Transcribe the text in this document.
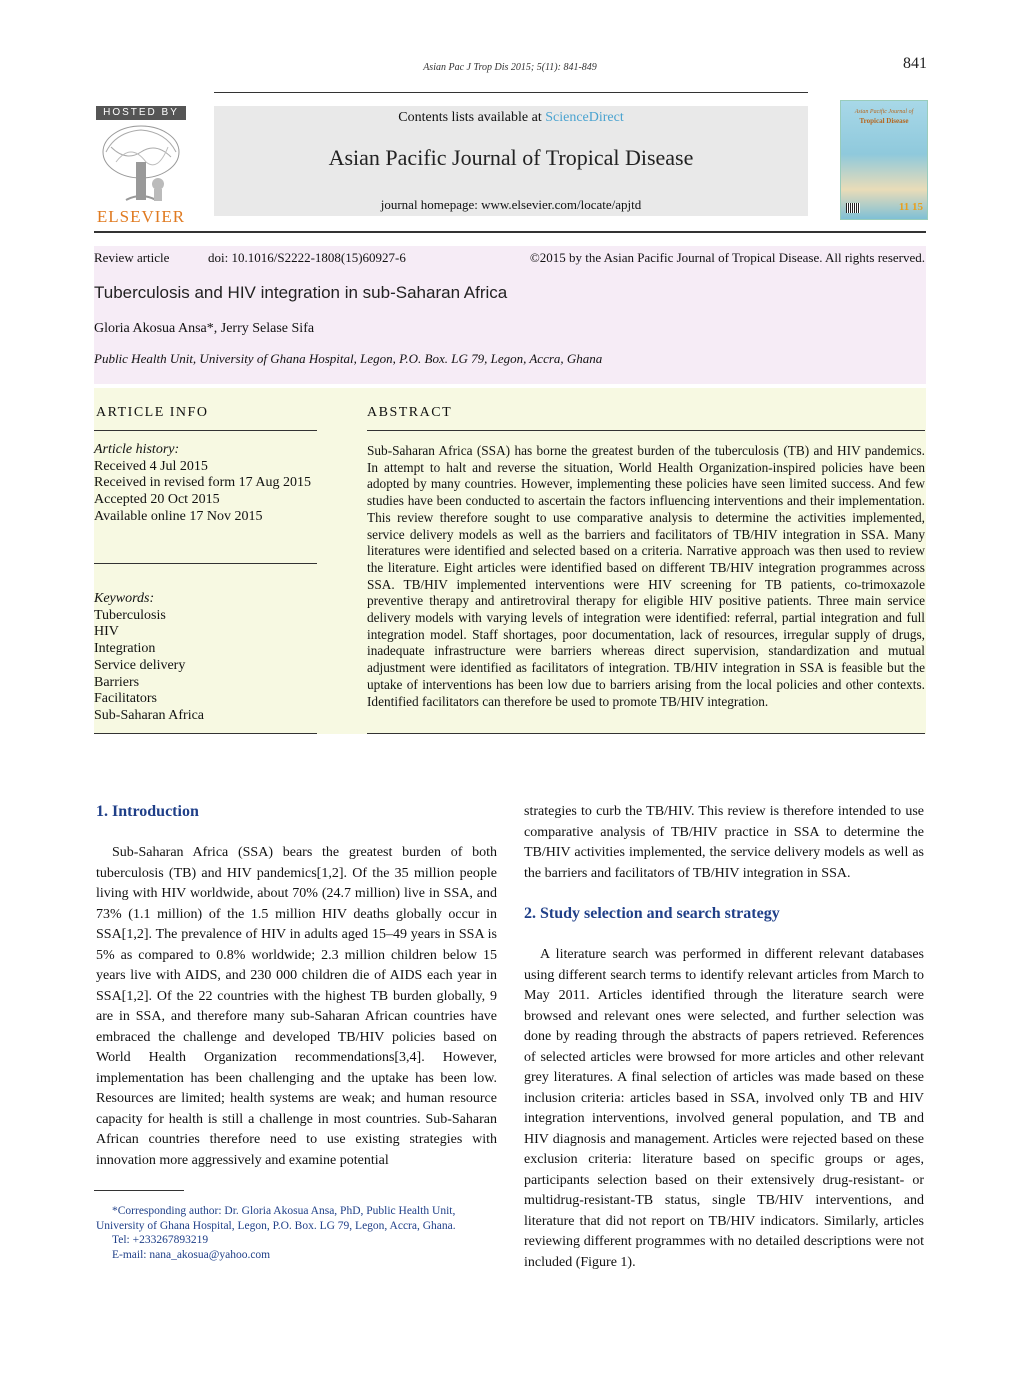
Asian Pac J Trop Dis 2015; 5(11): 841-849	841
HOSTED BY
ELSEVIER
Contents lists available at ScienceDirect
Asian Pacific Journal of Tropical Disease
journal homepage: www.elsevier.com/locate/apjtd
Asian Pacific Journal of
Tropical Disease
11 15
Review article	doi: 10.1016/S2222-1808(15)60927-6	©2015 by the Asian Pacific Journal of Tropical Disease. All rights reserved.
Tuberculosis and HIV integration in sub-Saharan Africa
Gloria Akosua Ansa*, Jerry Selase Sifa
Public Health Unit, University of Ghana Hospital, Legon, P.O. Box. LG 79, Legon, Accra, Ghana
ARTICLE INFO
Article history:
Received 4 Jul 2015
Received in revised form 17 Aug 2015
Accepted 20 Oct 2015
Available online 17 Nov 2015
Keywords:
Tuberculosis
HIV
Integration
Service delivery
Barriers
Facilitators
Sub-Saharan Africa
ABSTRACT
Sub-Saharan Africa (SSA) has borne the greatest burden of the tuberculosis (TB) and HIV pandemics. In attempt to halt and reverse the situation, World Health Organization-inspired policies have been adopted by many countries. However, implementing these policies have seen limited success. And few studies have been conducted to ascertain the factors influencing interventions and their implementation. This review therefore sought to use comparative analysis to determine the activities implemented, service delivery models as well as the barriers and facilitators of TB/HIV integration in SSA. Many literatures were identified and selected based on a criteria. Narrative approach was then used to review the literature. Eight articles were identified based on different TB/HIV integration programmes across SSA. TB/HIV implemented interventions were HIV screening for TB patients, co-trimoxazole preventive therapy and antiretroviral therapy for eligible HIV positive patients. Three main service delivery models with varying levels of integration were identified: referral, partial integration and full integration model. Staff shortages, poor documentation, lack of resources, irregular supply of drugs, inadequate infrastructure were barriers whereas direct supervision, standardization and mutual adjustment were identified as facilitators of integration. TB/HIV integration in SSA is feasible but the uptake of interventions has been low due to barriers arising from the local policies and other contexts. Identified facilitators can therefore be used to promote TB/HIV integration.
1. Introduction
Sub-Saharan Africa (SSA) bears the greatest burden of both tuberculosis (TB) and HIV pandemics[1,2]. Of the 35 million people living with HIV worldwide, about 70% (24.7 million) live in SSA, and 73% (1.1 million) of the 1.5 million HIV deaths globally occur in SSA[1,2]. The prevalence of HIV in adults aged 15–49 years in SSA is 5% as compared to 0.8% worldwide; 2.3 million children below 15 years live with AIDS, and 230 000 children die of AIDS each year in SSA[1,2]. Of the 22 countries with the highest TB burden globally, 9 are in SSA, and therefore many sub-Saharan African countries have embraced the challenge and developed TB/HIV policies based on World Health Organization recommendations[3,4]. However, implementation has been challenging and the uptake has been low. Resources are limited; health systems are weak; and human resource capacity for health is still a challenge in most countries. Sub-Saharan African countries therefore need to use existing strategies with innovation more aggressively and examine potential
*Corresponding author: Dr. Gloria Akosua Ansa, PhD, Public Health Unit, University of Ghana Hospital, Legon, P.O. Box. LG 79, Legon, Accra, Ghana.
Tel: +233267893219
E-mail: nana_akosua@yahoo.com
strategies to curb the TB/HIV. This review is therefore intended to use comparative analysis of TB/HIV practice in SSA to determine the TB/HIV activities implemented, the service delivery models as well as the barriers and facilitators of TB/HIV integration in SSA.
2. Study selection and search strategy
A literature search was performed in different relevant databases using different search terms to identify relevant articles from March to May 2011. Articles identified through the literature search were browsed and relevant ones were selected, and further selection was done by reading through the abstracts of papers retrieved. References of selected articles were browsed for more articles and other relevant grey literatures. A final selection of articles was made based on these inclusion criteria: articles based in SSA, involved only TB and HIV integration interventions, involved general population, and TB and HIV diagnosis and management. Articles were rejected based on these exclusion criteria: literature based on specific groups or ages, participants selection based on their extensively drug-resistant- or multidrug-resistant-TB status, single TB/HIV interventions, and literature that did not report on TB/HIV indicators. Similarly, articles reviewing different programmes with no detailed descriptions were not included (Figure 1).
